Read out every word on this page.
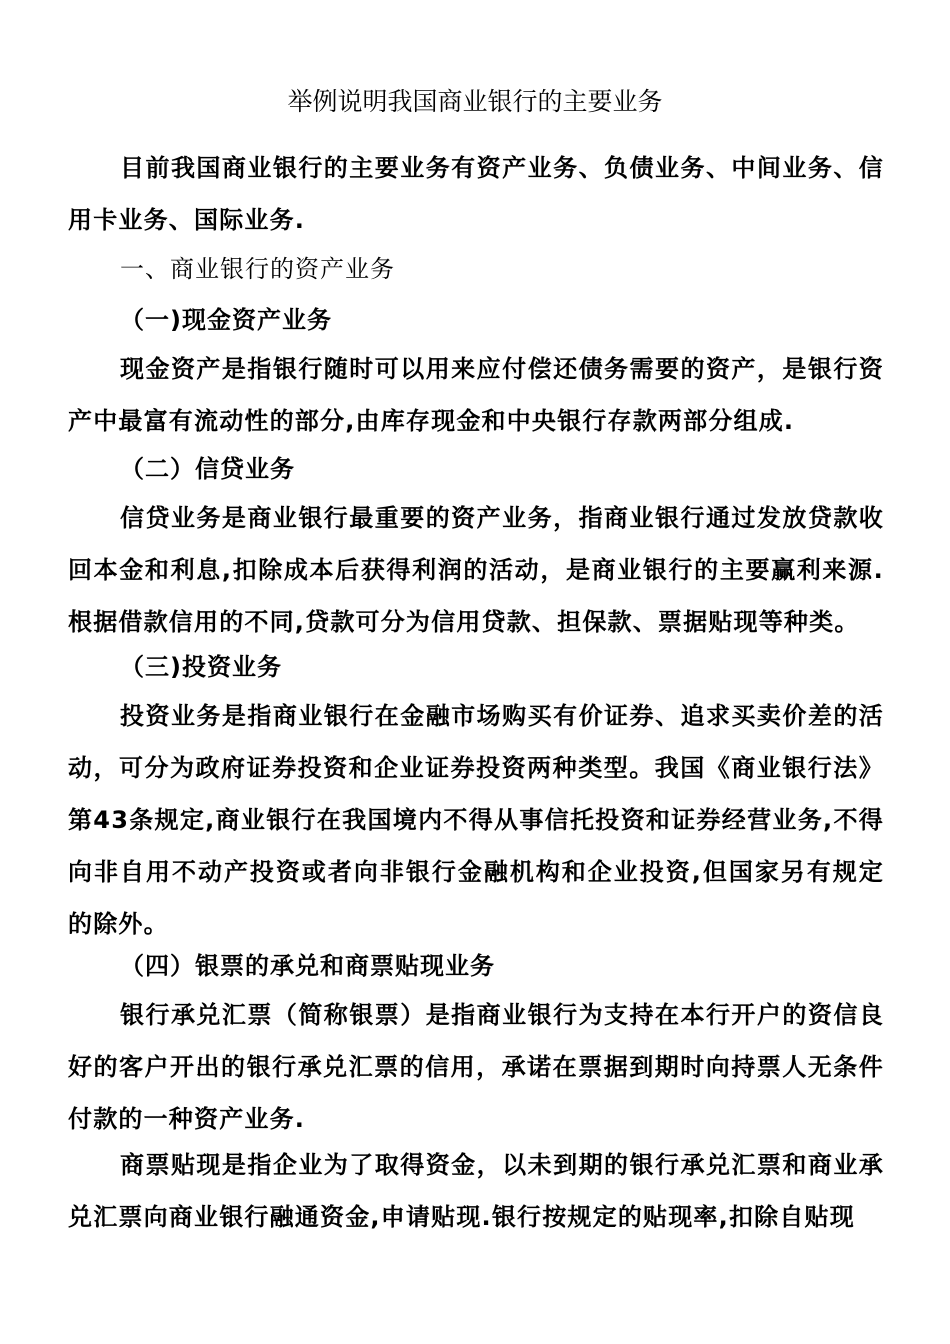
举例说明我国商业银行的主要业务

目前我国商业银行的主要业务有资产业务、负债业务、中间业务、信用卡业务、国际业务.

一、商业银行的资产业务

（一)现金资产业务

现金资产是指银行随时可以用来应付偿还债务需要的资产，是银行资产中最富有流动性的部分,由库存现金和中央银行存款两部分组成.

（二）信贷业务

信贷业务是商业银行最重要的资产业务，指商业银行通过发放贷款收回本金和利息,扣除成本后获得利润的活动，是商业银行的主要赢利来源.根据借款信用的不同,贷款可分为信用贷款、担保款、票据贴现等种类。

（三)投资业务

投资业务是指商业银行在金融市场购买有价证券、追求买卖价差的活动，可分为政府证券投资和企业证券投资两种类型。我国《商业银行法》第43条规定,商业银行在我国境内不得从事信托投资和证券经营业务,不得向非自用不动产投资或者向非银行金融机构和企业投资,但国家另有规定的除外。

（四）银票的承兑和商票贴现业务

银行承兑汇票（简称银票）是指商业银行为支持在本行开户的资信良好的客户开出的银行承兑汇票的信用，承诺在票据到期时向持票人无条件付款的一种资产业务.

商票贴现是指企业为了取得资金，以未到期的银行承兑汇票和商业承兑汇票向商业银行融通资金,申请贴现.银行按规定的贴现率,扣除自贴现
